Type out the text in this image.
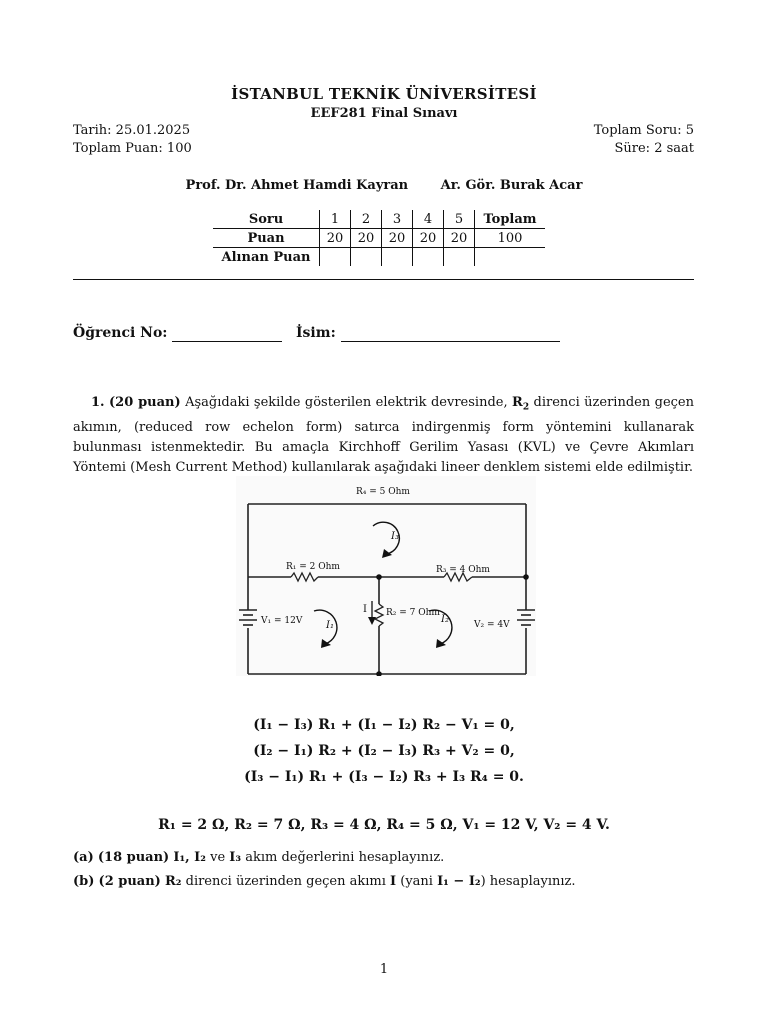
İSTANBUL TEKNİK ÜNİVERSİTESİ
EEF281 Final Sınavı
Tarih: 25.01.2025
Toplam Puan: 100
Toplam Soru: 5
Süre: 2 saat
Prof. Dr. Ahmet Hamdi Kayran	Ar. Gör. Burak Acar
Soru	1	2	3	4	5	Toplam
Puan	20	20	20	20	20	100
Alınan Puan						
Öğrenci No:	İsim:
1. (20 puan) Aşağıdaki şekilde gösterilen elektrik devresinde, $R_2$ direnci üzerinden geçen akımın, (reduced row echelon form) satırca indirgenmiş form yöntemini kullanarak bulunması istenmektedir. Bu amaçla Kirchhoff Gerilim Yasası (KVL) ve Çevre Akımları Yöntemi (Mesh Current Method) kullanılarak aşağıdaki lineer denklem sistemi elde edilmiştir.
R₄ = 5 Ohm
R₁ = 2 Ohm	R₃ = 4 Ohm
R₂ = 7 Ohm
V₁ = 12V	V₂ = 4V
I₃
I₁
I₂
I
(I₁ − I₃) R₁ + (I₁ − I₂) R₂ − V₁ = 0,
(I₂ − I₁) R₂ + (I₂ − I₃) R₃ + V₂ = 0,
(I₃ − I₁) R₁ + (I₃ − I₂) R₃ + I₃ R₄ = 0.
R₁ = 2 Ω, R₂ = 7 Ω, R₃ = 4 Ω, R₄ = 5 Ω, V₁ = 12 V, V₂ = 4 V.
(a) (18 puan) I₁, I₂ ve I₃ akım değerlerini hesaplayınız.
(b) (2 puan) R₂ direnci üzerinden geçen akımı I (yani I₁ − I₂) hesaplayınız.
1
